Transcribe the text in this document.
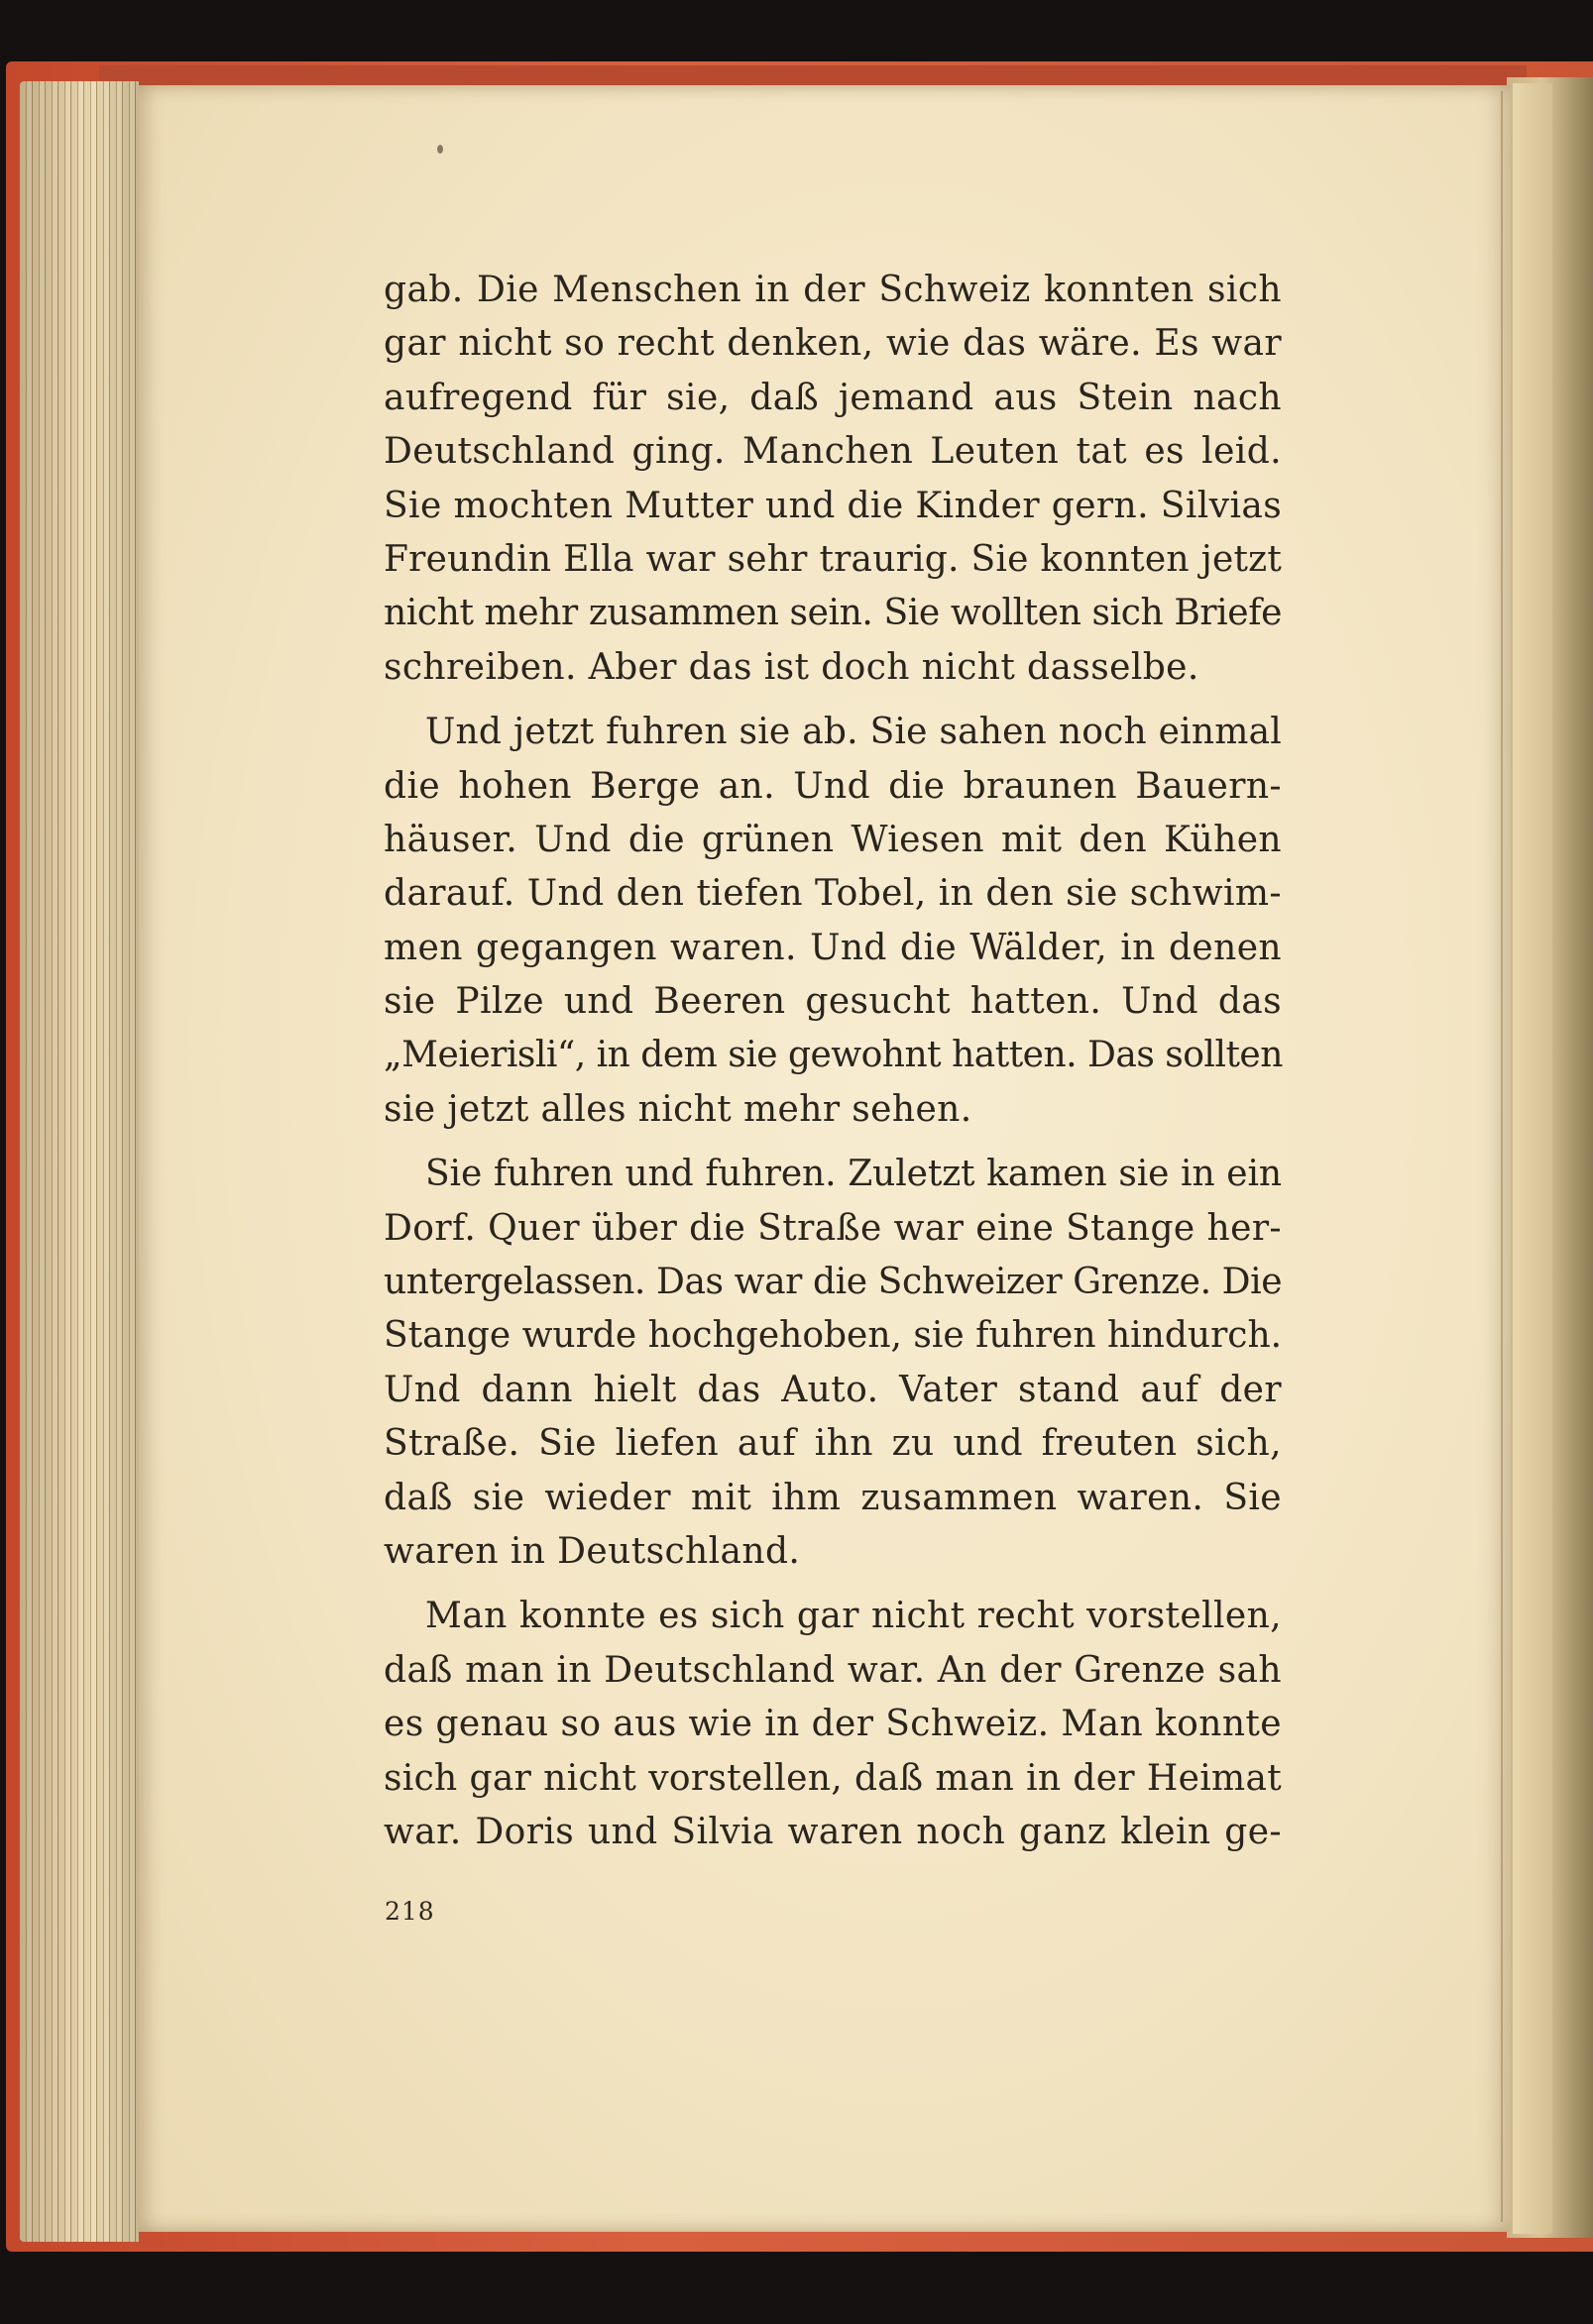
gab. Die Menschen in der Schweiz konnten sich
gar nicht so recht denken, wie das wäre. Es war
aufregend für sie, daß jemand aus Stein nach
Deutschland ging. Manchen Leuten tat es leid.
Sie mochten Mutter und die Kinder gern. Silvias
Freundin Ella war sehr traurig. Sie konnten jetzt
nicht mehr zusammen sein. Sie wollten sich Briefe
schreiben. Aber das ist doch nicht dasselbe.
Und jetzt fuhren sie ab. Sie sahen noch einmal
die hohen Berge an. Und die braunen Bauern-
häuser. Und die grünen Wiesen mit den Kühen
darauf. Und den tiefen Tobel, in den sie schwim-
men gegangen waren. Und die Wälder, in denen
sie Pilze und Beeren gesucht hatten. Und das
„Meierisli“, in dem sie gewohnt hatten. Das sollten
sie jetzt alles nicht mehr sehen.
Sie fuhren und fuhren. Zuletzt kamen sie in ein
Dorf. Quer über die Straße war eine Stange her-
untergelassen. Das war die Schweizer Grenze. Die
Stange wurde hochgehoben, sie fuhren hindurch.
Und dann hielt das Auto. Vater stand auf der
Straße. Sie liefen auf ihn zu und freuten sich,
daß sie wieder mit ihm zusammen waren. Sie
waren in Deutschland.
Man konnte es sich gar nicht recht vorstellen,
daß man in Deutschland war. An der Grenze sah
es genau so aus wie in der Schweiz. Man konnte
sich gar nicht vorstellen, daß man in der Heimat
war. Doris und Silvia waren noch ganz klein ge-
218
